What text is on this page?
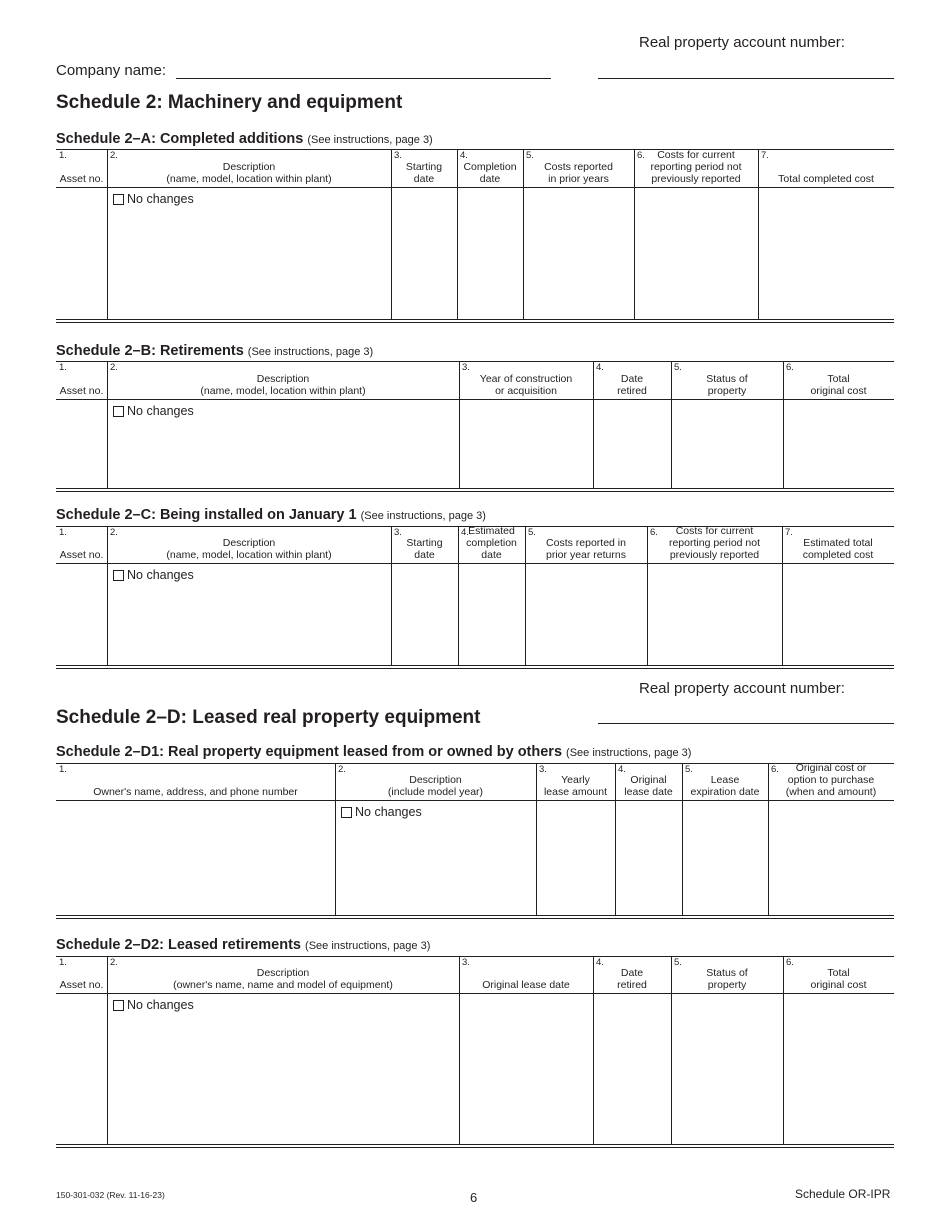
Real property account number:
Company name:
Schedule 2: Machinery and equipment
Schedule 2–A: Completed additions (See instructions, page 3)
1.
Asset no.
2.
Description
(name, model, location within plant)
3.
Starting
date
4.
Completion
date
5.
Costs reported
in prior years
6.	Costs for current
reporting period not
previously reported
7.
Total completed cost
No changes
Schedule 2–B: Retirements (See instructions, page 3)
1.
Asset no.
2.
Description
(name, model, location within plant)
3.
Year of construction
or acquisition
4.
Date
retired
5.
Status of
property
6.
Total
original cost
No changes
Schedule 2–C: Being installed on January 1 (See instructions, page 3)
1.
Asset no.
2.
Description
(name, model, location within plant)
3.
Starting
date
4. Estimated
completion
date
5.
Costs reported in
prior year returns
6.	Costs for current
reporting period not
previously reported
7.
Estimated total
completed cost
No changes
Real property account number:
Schedule 2–D: Leased real property equipment
Schedule 2–D1: Real property equipment leased from or owned by others (See instructions, page 3)
1.
Owner's name, address, and phone number
2.
Description
(include model year)
3.
Yearly
lease amount
4.
Original
lease date
5.
Lease
expiration date
6.	Original cost or
option to purchase
(when and amount)
No changes
Schedule 2–D2: Leased retirements (See instructions, page 3)
1.
Asset no.
2.
Description
(owner's name, name and model of equipment)
3.
Original lease date
4.
Date
retired
5.
Status of
property
6.
Total
original cost
No changes
150-301-032 (Rev. 11-16-23)	6	Schedule OR-IPR
